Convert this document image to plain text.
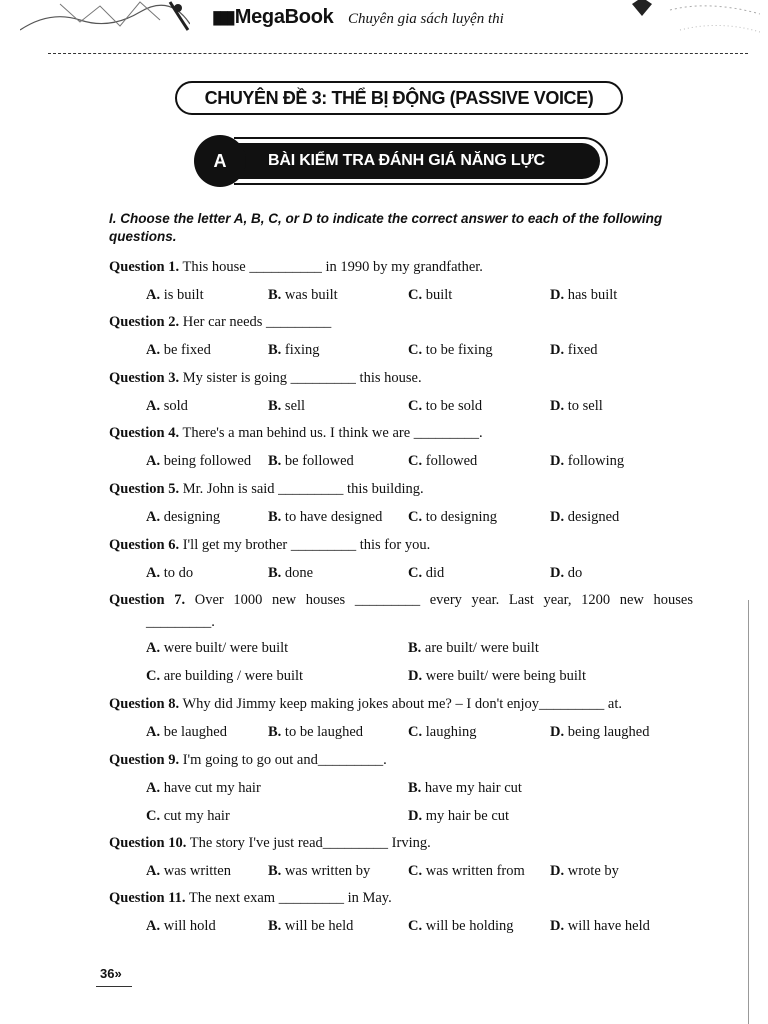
▮▮▮ MegaBook Chuyên gia sách luyện thi
CHUYÊN ĐỀ 3: THỂ BỊ ĐỘNG (PASSIVE VOICE)
BÀI KIỂM TRA ĐÁNH GIÁ NĂNG LỰC
A
I. Choose the letter A, B, C, or D to indicate the correct answer to each of the following questions.
Question 1. This house __________ in 1990 by my grandfather.
A. is built	B. was built	C. built	D. has built
Question 2. Her car needs _________
A. be fixed	B. fixing	C. to be fixing	D. fixed
Question 3. My sister is going _________ this house.
A. sold	B. sell	C. to be sold	D. to sell
Question 4. There's a man behind us. I think we are _________.
A. being followed B. be followed	C. followed	D. following
Question 5. Mr. John is said _________ this building.
A. designing	B. to have designed C. to designing	D. designed
Question 6. I'll get my brother _________ this for you.
A. to do	B. done	C. did	D. do
Question 7. Over 1000 new houses _________ every year. Last year, 1200 new houses
_________.
A. were built/ were built	B. are built/ were built
C. are building / were built	D. were built/ were being built
Question 8. Why did Jimmy keep making jokes about me? – I don't enjoy_________ at.
A. be laughed	B. to be laughed	C. laughing	D. being laughed
Question 9. I'm going to go out and_________.
A. have cut my hair	B. have my hair cut
C. cut my hair	D. my hair be cut
Question 10. The story I've just read_________ Irving.
A. was written	B. was written by	C. was written from D. wrote by
Question 11. The next exam _________ in May.
A. will hold	B. will be held	C. will be holding	D. will have held
36»
